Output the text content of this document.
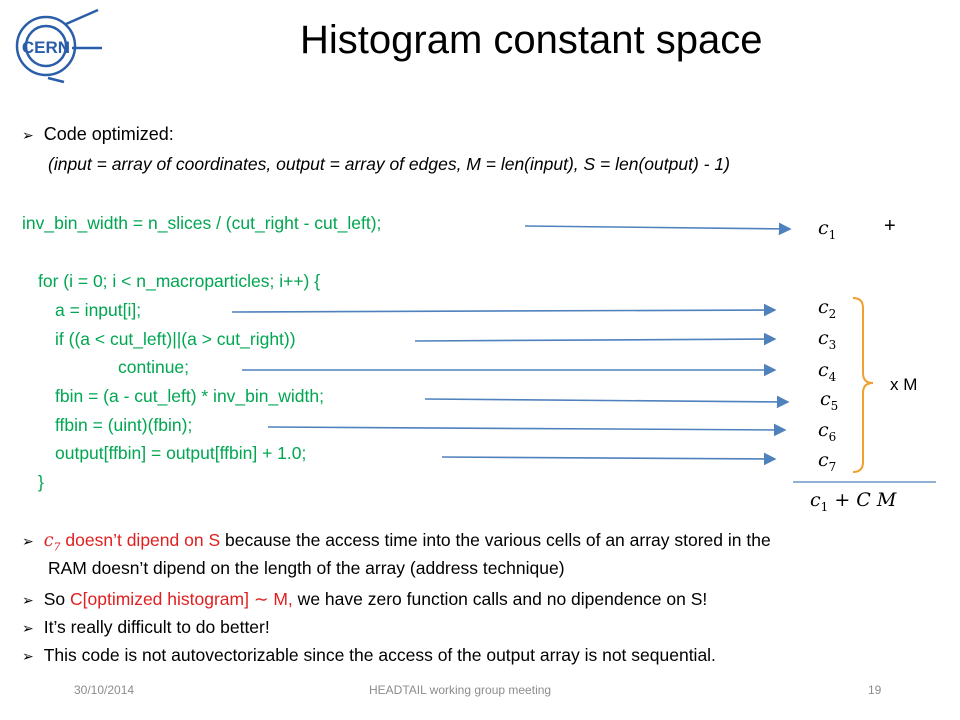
CERN	Histogram constant space
➢ Code optimized:
(input = array of coordinates, output = array of edges, M = len(input), S = len(output) - 1)
inv_bin_width = n_slices / (cut_right - cut_left);
for (i = 0; i < n_macroparticles; i++) {
a = input[i];
if ((a < cut_left)||(a > cut_right))
continue;
fbin = (a - cut_left) * inv_bin_width;
ffbin = (uint)(fbin);
output[ffbin] = output[ffbin] + 1.0;
}
$c_1$ +
$c_2$
$c_3$
$c_4$
$c_5$
$c_6$
$c_7$
x M
$c_1 + C$ M
➢ $c_7$ doesn’t dipend on S because the access time into the various cells of an array stored in the
RAM doesn’t dipend on the length of the array (address technique)
➢ So C[optimized histogram] ∼ M, we have zero function calls and no dipendence on S!
➢ It’s really difficult to do better!
➢ This code is not autovectorizable since the access of the output array is not sequential.
30/10/2014	HEADTAIL working group meeting	19
